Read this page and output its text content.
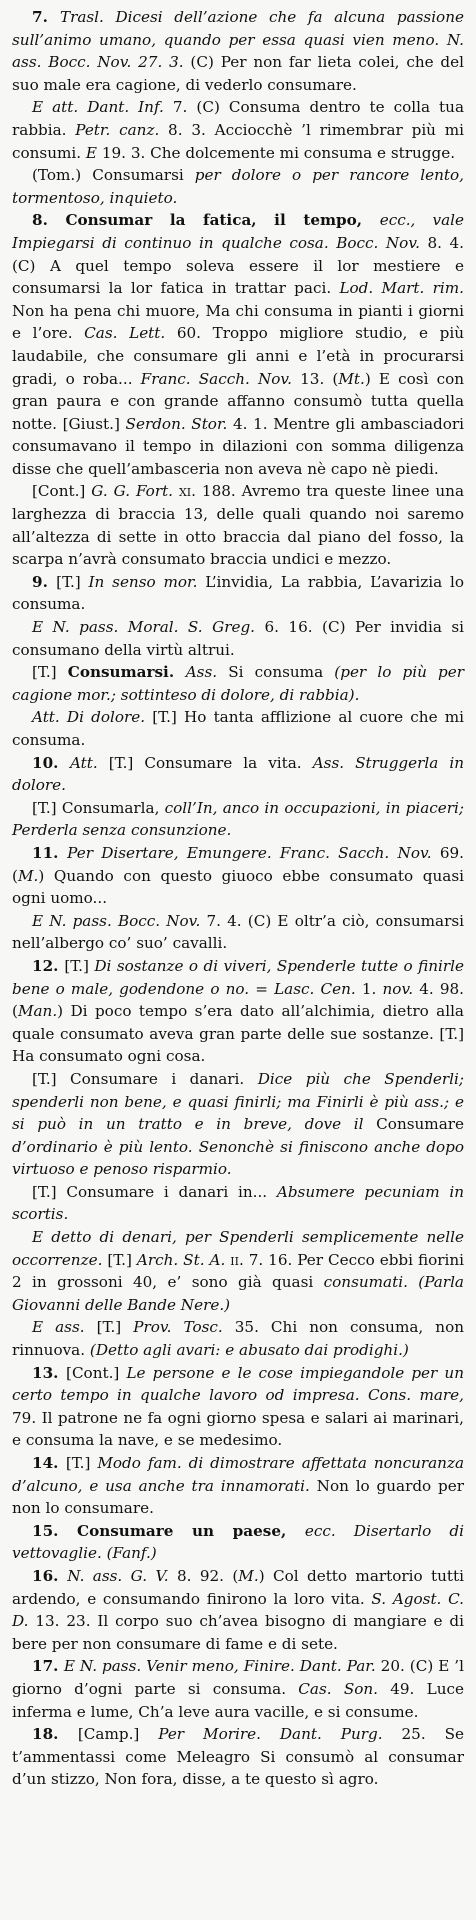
7. Trasl. Dicesi dell’azione che fa alcuna passione sull’animo umano, quando per essa quasi vien meno. N. ass. Bocc. Nov. 27. 3. (C) Per non far lieta colei, che del suo male era cagione, di vederlo consumare.

E att. Dant. Inf. 7. (C) Consuma dentro te colla tua rabbia. Petr. canz. 8. 3. Acciocchè ’l rimembrar più mi consumi. E 19. 3. Che dolcemente mi consuma e strugge.

(Tom.) Consumarsi per dolore o per rancore lento, tormentoso, inquieto.

8. Consumar la fatica, il tempo, ecc., vale Impiegarsi di continuo in qualche cosa. Bocc. Nov. 8. 4. (C) A quel tempo soleva essere il lor mestiere e consumarsi la lor fatica in trattar paci. Lod. Mart. rim. Non ha pena chi muore, Ma chi consuma in pianti i giorni e l’ore. Cas. Lett. 60. Troppo migliore studio, e più laudabile, che consumare gli anni e l’età in procurarsi gradi, o roba... Franc. Sacch. Nov. 13. (Mt.) E così con gran paura e con grande affanno consumò tutta quella notte. [Giust.] Serdon. Stor. 4. 1. Mentre gli ambasciadori consumavano il tempo in dilazioni con somma diligenza disse che quell’ambasceria non aveva nè capo nè piedi.

[Cont.] G. G. Fort. xi. 188. Avremo tra queste linee una larghezza di braccia 13, delle quali quando noi saremo all’altezza di sette in otto braccia dal piano del fosso, la scarpa n’avrà consumato braccia undici e mezzo.

9. [T.] In senso mor. L’invidia, La rabbia, L’avarizia lo consuma.

E N. pass. Moral. S. Greg. 6. 16. (C) Per invidia si consumano della virtù altrui.

[T.] Consumarsi. Ass. Si consuma (per lo più per cagione mor.; sottinteso di dolore, di rabbia).

Att. Di dolore. [T.] Ho tanta afflizione al cuore che mi consuma.

10. Att. [T.] Consumare la vita. Ass. Struggerla in dolore.

[T.] Consumarla, coll’In, anco in occupazioni, in piaceri; Perderla senza consunzione.

11. Per Disertare, Emungere. Franc. Sacch. Nov. 69. (M.) Quando con questo giuoco ebbe consumato quasi ogni uomo...

E N. pass. Bocc. Nov. 7. 4. (C) E oltr’a ciò, consumarsi nell’albergo co’ suo’ cavalli.

12. [T.] Di sostanze o di viveri, Spenderle tutte o finirle bene o male, godendone o no. = Lasc. Cen. 1. nov. 4. 98. (Man.) Di poco tempo s’era dato all’alchimia, dietro alla quale consumato aveva gran parte delle sue sostanze. [T.] Ha consumato ogni cosa.

[T.] Consumare i danari. Dice più che Spenderli; spenderli non bene, e quasi finirli; ma Finirli è più ass.; e si può in un tratto e in breve, dove il Consumare d’ordinario è più lento. Senonchè si finiscono anche dopo virtuoso e penoso risparmio.

[T.] Consumare i danari in... Absumere pecuniam in scortis.

E detto di denari, per Spenderli semplicemente nelle occorrenze. [T.] Arch. St. A. ii. 7. 16. Per Cecco ebbi fiorini 2 in grossoni 40, e’ sono già quasi consumati. (Parla Giovanni delle Bande Nere.)

E ass. [T.] Prov. Tosc. 35. Chi non consuma, non rinnuova. (Detto agli avari: e abusato dai prodighi.)

13. [Cont.] Le persone e le cose impiegandole per un certo tempo in qualche lavoro od impresa. Cons. mare, 79. Il patrone ne fa ogni giorno spesa e salari ai marinari, e consuma la nave, e se medesimo.

14. [T.] Modo fam. di dimostrare affettata noncuranza d’alcuno, e usa anche tra innamorati. Non lo guardo per non lo consumare.

15. Consumare un paese, ecc. Disertarlo di vettovaglie. (Fanf.)

16. N. ass. G. V. 8. 92. (M.) Col detto martorio tutti ardendo, e consumando finirono la loro vita. S. Agost. C. D. 13. 23. Il corpo suo ch’avea bisogno di mangiare e di bere per non consumare di fame e di sete.

17. E N. pass. Venir meno, Finire. Dant. Par. 20. (C) E ’l giorno d’ogni parte si consuma. Cas. Son. 49. Luce inferma e lume, Ch’a leve aura vacille, e si consume.

18. [Camp.] Per Morire. Dant. Purg. 25. Se t’ammentassi come Meleagro Si consumò al consumar d’un stizzo, Non fora, disse, a te questo sì agro.
